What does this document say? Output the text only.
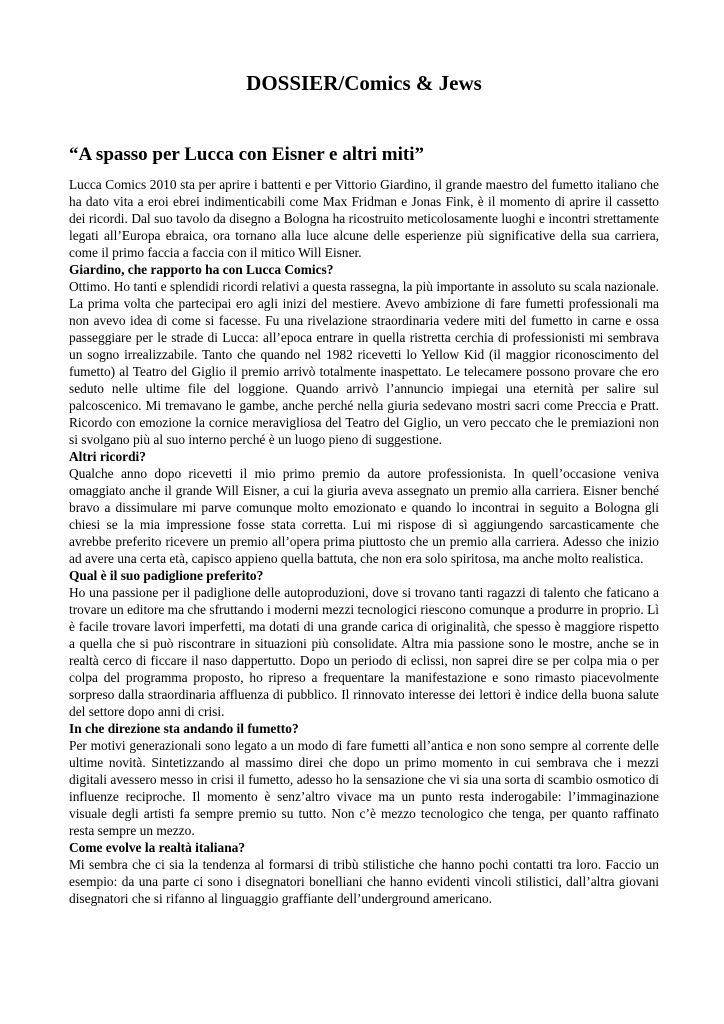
DOSSIER/Comics & Jews
“A spasso per Lucca con Eisner e altri miti”

Lucca Comics 2010 sta per aprire i battenti e per Vittorio Giardino, il grande maestro del fumetto italiano che ha dato vita a eroi ebrei indimenticabili come Max Fridman e Jonas Fink, è il momento di aprire il cassetto dei ricordi. Dal suo tavolo da disegno a Bologna ha ricostruito meticolosamente luoghi e incontri strettamente legati all’Europa ebraica, ora tornano alla luce alcune delle esperienze più significative della sua carriera, come il primo faccia a faccia con il mitico Will Eisner.

Giardino, che rapporto ha con Lucca Comics?

Ottimo. Ho tanti e splendidi ricordi relativi a questa rassegna, la più importante in assoluto su scala nazionale. La prima volta che partecipai ero agli inizi del mestiere. Avevo ambizione di fare fumetti professionali ma non avevo idea di come si facesse. Fu una rivelazione straordinaria vedere miti del fumetto in carne e ossa passeggiare per le strade di Lucca: all’epoca entrare in quella ristretta cerchia di professionisti mi sembrava un sogno irrealizzabile. Tanto che quando nel 1982 ricevetti lo Yellow Kid (il maggior riconoscimento del fumetto) al Teatro del Giglio il premio arrivò totalmente inaspettato. Le telecamere possono provare che ero seduto nelle ultime file del loggione. Quando arrivò l’annuncio impiegai una eternità per salire sul palcoscenico. Mi tremavano le gambe, anche perché nella giuria sedevano mostri sacri come Preccia e Pratt. Ricordo con emozione la cornice meravigliosa del Teatro del Giglio, un vero peccato che le premiazioni non si svolgano più al suo interno perché è un luogo pieno di suggestione.

Altri ricordi?

Qualche anno dopo ricevetti il mio primo premio da autore professionista. In quell’occasione veniva omaggiato anche il grande Will Eisner, a cui la giuria aveva assegnato un premio alla carriera. Eisner benché bravo a dissimulare mi parve comunque molto emozionato e quando lo incontrai in seguito a Bologna gli chiesi se la mia impressione fosse stata corretta. Lui mi rispose di sì aggiungendo sarcasticamente che avrebbe preferito ricevere un premio all’opera prima piuttosto che un premio alla carriera. Adesso che inizio ad avere una certa età, capisco appieno quella battuta, che non era solo spiritosa, ma anche molto realistica.

Qual è il suo padiglione preferito?

Ho una passione per il padiglione delle autoproduzioni, dove si trovano tanti ragazzi di talento che faticano a trovare un editore ma che sfruttando i moderni mezzi tecnologici riescono comunque a produrre in proprio. Lì è facile trovare lavori imperfetti, ma dotati di una grande carica di originalità, che spesso è maggiore rispetto a quella che si può riscontrare in situazioni più consolidate. Altra mia passione sono le mostre, anche se in realtà cerco di ficcare il naso dappertutto. Dopo un periodo di eclissi, non saprei dire se per colpa mia o per colpa del programma proposto, ho ripreso a frequentare la manifestazione e sono rimasto piacevolmente sorpreso dalla straordinaria affluenza di pubblico. Il rinnovato interesse dei lettori è indice della buona salute del settore dopo anni di crisi.

In che direzione sta andando il fumetto?

Per motivi generazionali sono legato a un modo di fare fumetti all’antica e non sono sempre al corrente delle ultime novità. Sintetizzando al massimo direi che dopo un primo momento in cui sembrava che i mezzi digitali avessero messo in crisi il fumetto, adesso ho la sensazione che vi sia una sorta di scambio osmotico di influenze reciproche. Il momento è senz’altro vivace ma un punto resta inderogabile: l’immaginazione visuale degli artisti fa sempre premio su tutto. Non c’è mezzo tecnologico che tenga, per quanto raffinato resta sempre un mezzo.

Come evolve la realtà italiana?

Mi sembra che ci sia la tendenza al formarsi di tribù stilistiche che hanno pochi contatti tra loro. Faccio un esempio: da una parte ci sono i disegnatori bonelliani che hanno evidenti vincoli stilistici, dall’altra giovani disegnatori che si rifanno al linguaggio graffiante dell’underground americano.
